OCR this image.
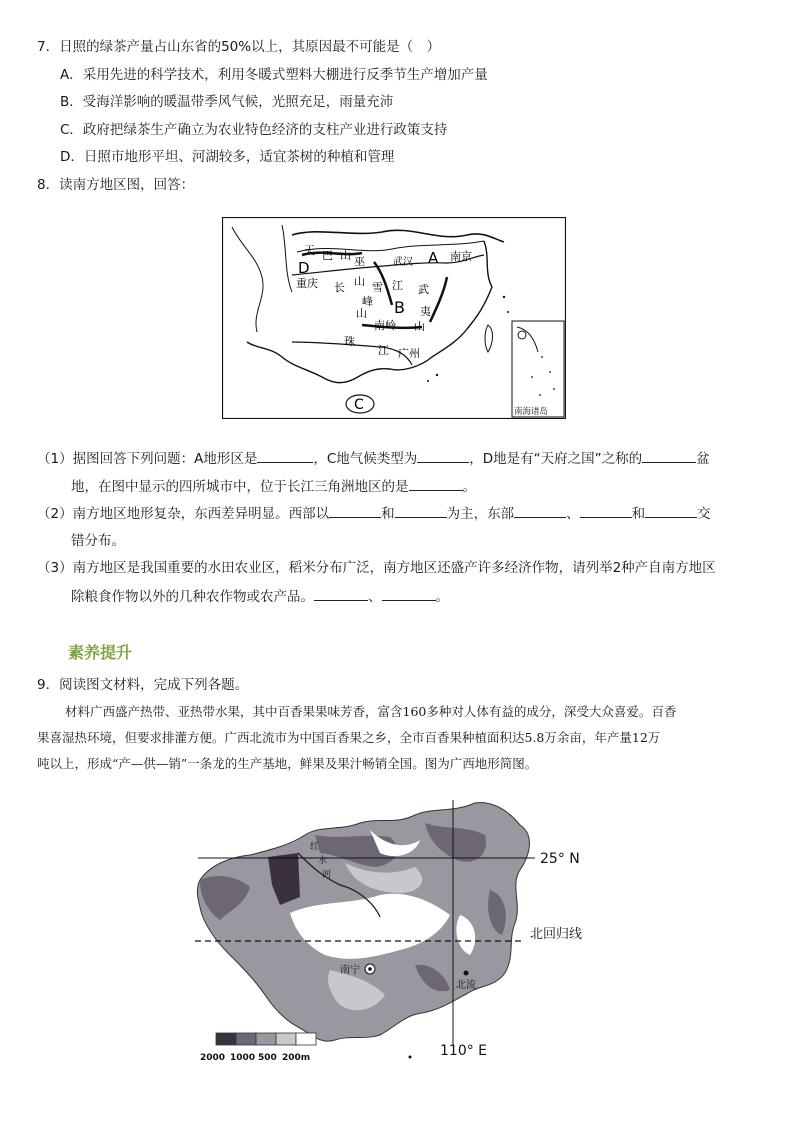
7．日照的绿茶产量占山东省的50%以上，其原因最不可能是（　）
A．采用先进的科学技术，利用冬暖式塑料大棚进行反季节生产增加产量
B．受海洋影响的暖温带季风气候，光照充足，雨量充沛
C．政府把绿茶生产确立为农业特色经济的支柱产业进行政策支持
D．日照市地形平坦、河湖较多，适宜茶树的种植和管理
8．读南方地区图，回答：
南海诸岛
天 巴 山 巫	武汉 A 南京
D
重庆 长 山 雪 江 武
峰 B 夷
山
南岭 山
珠
江 广州
C
（1）据图回答下列问题：A地形区是	，C地气候类型为	，D地是有“天府之国”之称的	盆
地，在图中显示的四所城市中，位于长江三角洲地区的是	。
（2）南方地区地形复杂，东西差异明显。西部以	和	为主，东部	、	和	交
错分布。
（3）南方地区是我国重要的水田农业区，稻米分布广泛，南方地区还盛产许多经济作物，请列举2种产自南方地区
除粮食作物以外的几种农作物或农产品。	、	。
素养提升
9．阅读图文材料，完成下列各题。
材料广西盛产热带、亚热带水果，其中百香果果味芳香，富含160多种对人体有益的成分，深受大众喜爱。百香
果喜湿热环境，但要求排灌方便。广西北流市为中国百香果之乡，全市百香果种植面积达5.8万余亩，年产量12万
吨以上，形成“产—供—销”一条龙的生产基地，鲜果及果汁畅销全国。图为广西地形简图。
25° N
北回归线
110° E
红
水
河
南宁
北流
2000 1000 500 200m
